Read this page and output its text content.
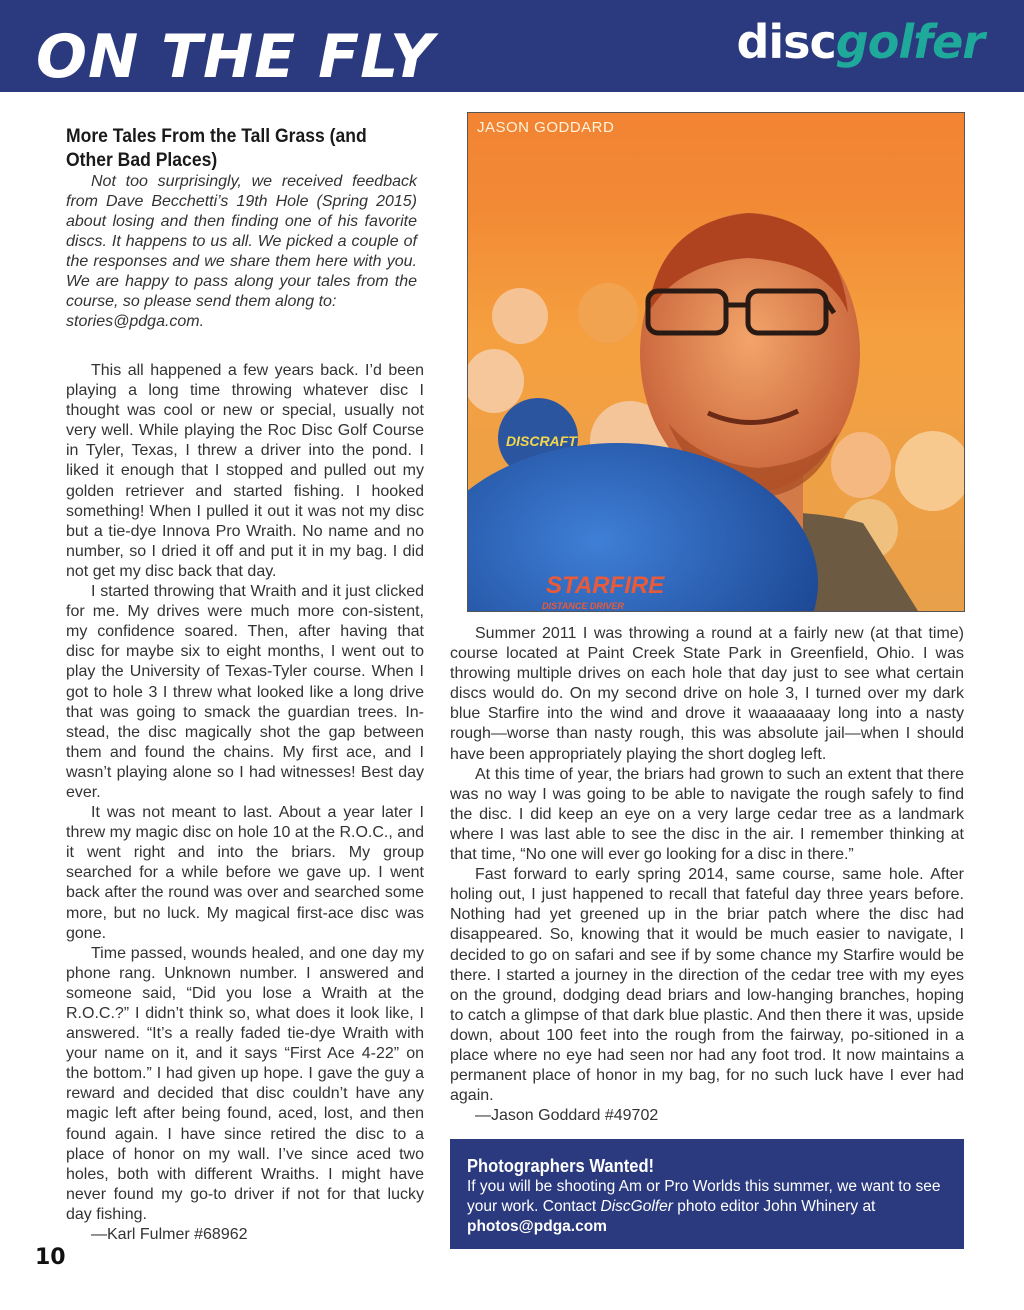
ON THE FLY	discgolfer
More Tales From the Tall Grass (and Other Bad Places)

Not too surprisingly, we received feedback from Dave Becchetti’s 19th Hole (Spring 2015) about losing and then finding one of his favorite discs. It happens to us all. We picked a couple of the responses and we share them here with you. We are happy to pass along your tales from the course, so please send them along to:

stories@pdga.com.

This all happened a few years back. I’d been playing a long time throwing whatever disc I thought was cool or new or special, usually not very well. While playing the Roc Disc Golf Course in Tyler, Texas, I threw a driver into the pond. I liked it enough that I stopped and pulled out my golden retriever and started fishing. I hooked something! When I pulled it out it was not my disc but a tie-dye Innova Pro Wraith. No name and no number, so I dried it off and put it in my bag. I did not get my disc back that day.

I started throwing that Wraith and it just clicked for me. My drives were much more con-sistent, my confidence soared. Then, after having that disc for maybe six to eight months, I went out to play the University of Texas-Tyler course. When I got to hole 3 I threw what looked like a long drive that was going to smack the guardian trees. In-stead, the disc magically shot the gap between them and found the chains. My first ace, and I wasn’t playing alone so I had witnesses! Best day ever.

It was not meant to last. About a year later I threw my magic disc on hole 10 at the R.O.C., and it went right and into the briars. My group searched for a while before we gave up. I went back after the round was over and searched some more, but no luck. My magical first-ace disc was gone.

Time passed, wounds healed, and one day my phone rang. Unknown number. I answered and someone said, “Did you lose a Wraith at the R.O.C.?” I didn’t think so, what does it look like, I answered. “It’s a really faded tie-dye Wraith with your name on it, and it says “First Ace 4-22” on the bottom.” I had given up hope. I gave the guy a reward and decided that disc couldn’t have any magic left after being found, aced, lost, and then found again. I have since retired the disc to a place of honor on my wall. I’ve since aced two holes, both with different Wraiths. I might have never found my go-to driver if not for that lucky day fishing.

—Karl Fulmer #68962

DISCRAFT
STARFIRE
DISTANCE DRIVER
JASON GODDARD

Summer 2011 I was throwing a round at a fairly new (at that time) course located at Paint Creek State Park in Greenfield, Ohio. I was throwing multiple drives on each hole that day just to see what certain discs would do. On my second drive on hole 3, I turned over my dark blue Starfire into the wind and drove it waaaaaaay long into a nasty rough—worse than nasty rough, this was absolute jail—when I should have been appropriately playing the short dogleg left.

At this time of year, the briars had grown to such an extent that there was no way I was going to be able to navigate the rough safely to find the disc. I did keep an eye on a very large cedar tree as a landmark where I was last able to see the disc in the air. I remember thinking at that time, “No one will ever go looking for a disc in there.”

Fast forward to early spring 2014, same course, same hole. After holing out, I just happened to recall that fateful day three years before. Nothing had yet greened up in the briar patch where the disc had disappeared. So, knowing that it would be much easier to navigate, I decided to go on safari and see if by some chance my Starfire would be there. I started a journey in the direction of the cedar tree with my eyes on the ground, dodging dead briars and low-hanging branches, hoping to catch a glimpse of that dark blue plastic. And then there it was, upside down, about 100 feet into the rough from the fairway, po-sitioned in a place where no eye had seen nor had any foot trod. It now maintains a permanent place of honor in my bag, for no such luck have I ever had again.

—Jason Goddard #49702

Photographers Wanted!

If you will be shooting Am or Pro Worlds this summer, we want to see your work. Contact DiscGolfer photo editor John Whinery at
photos@pdga.com

10
